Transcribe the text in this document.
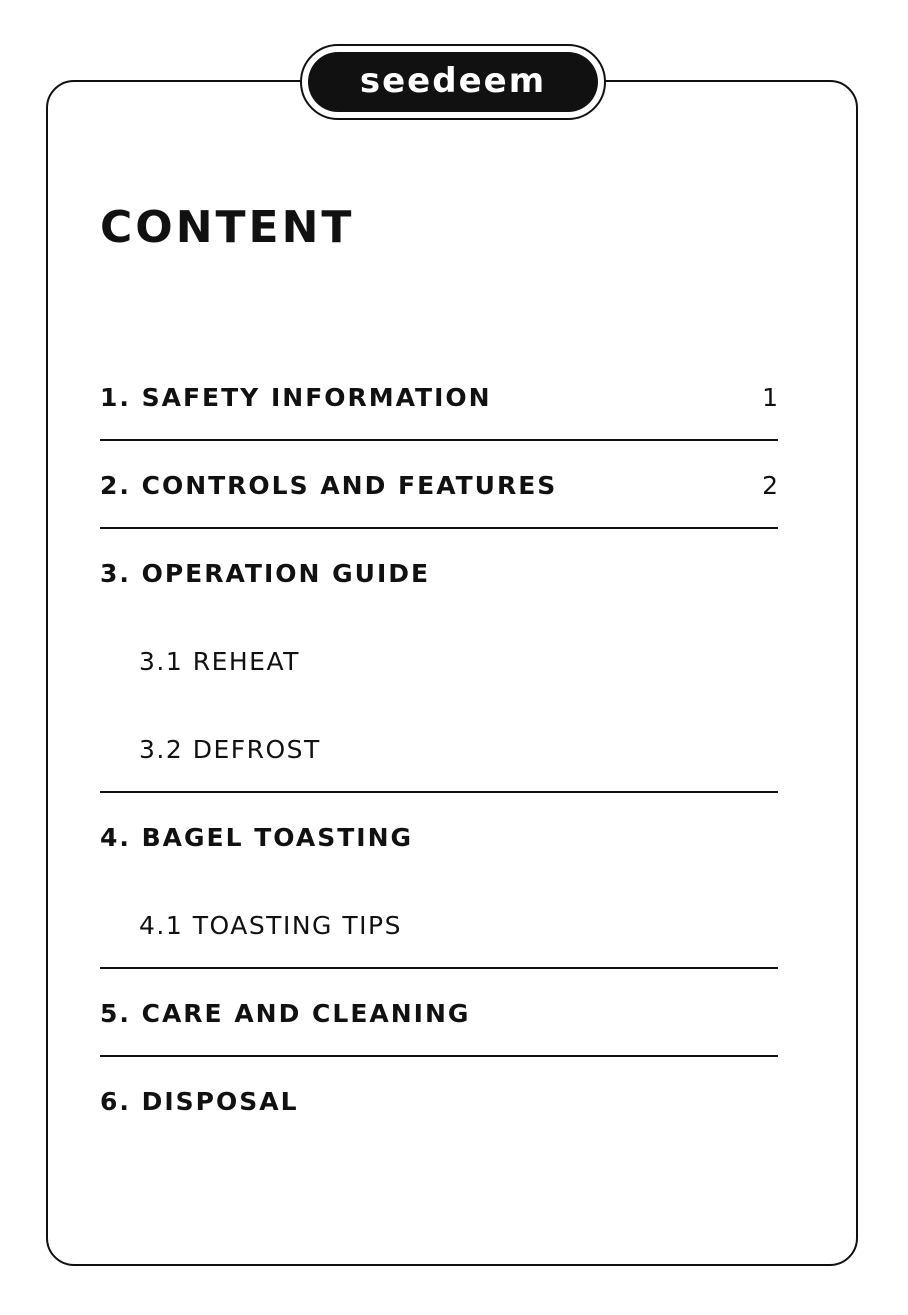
seedeem
CONTENT
1. SAFETY INFORMATION	1
2. CONTROLS AND FEATURES	2
3. OPERATION GUIDE
3.1 REHEAT
3.2 DEFROST
4. BAGEL TOASTING
4.1 TOASTING TIPS
5. CARE AND CLEANING
6. DISPOSAL
